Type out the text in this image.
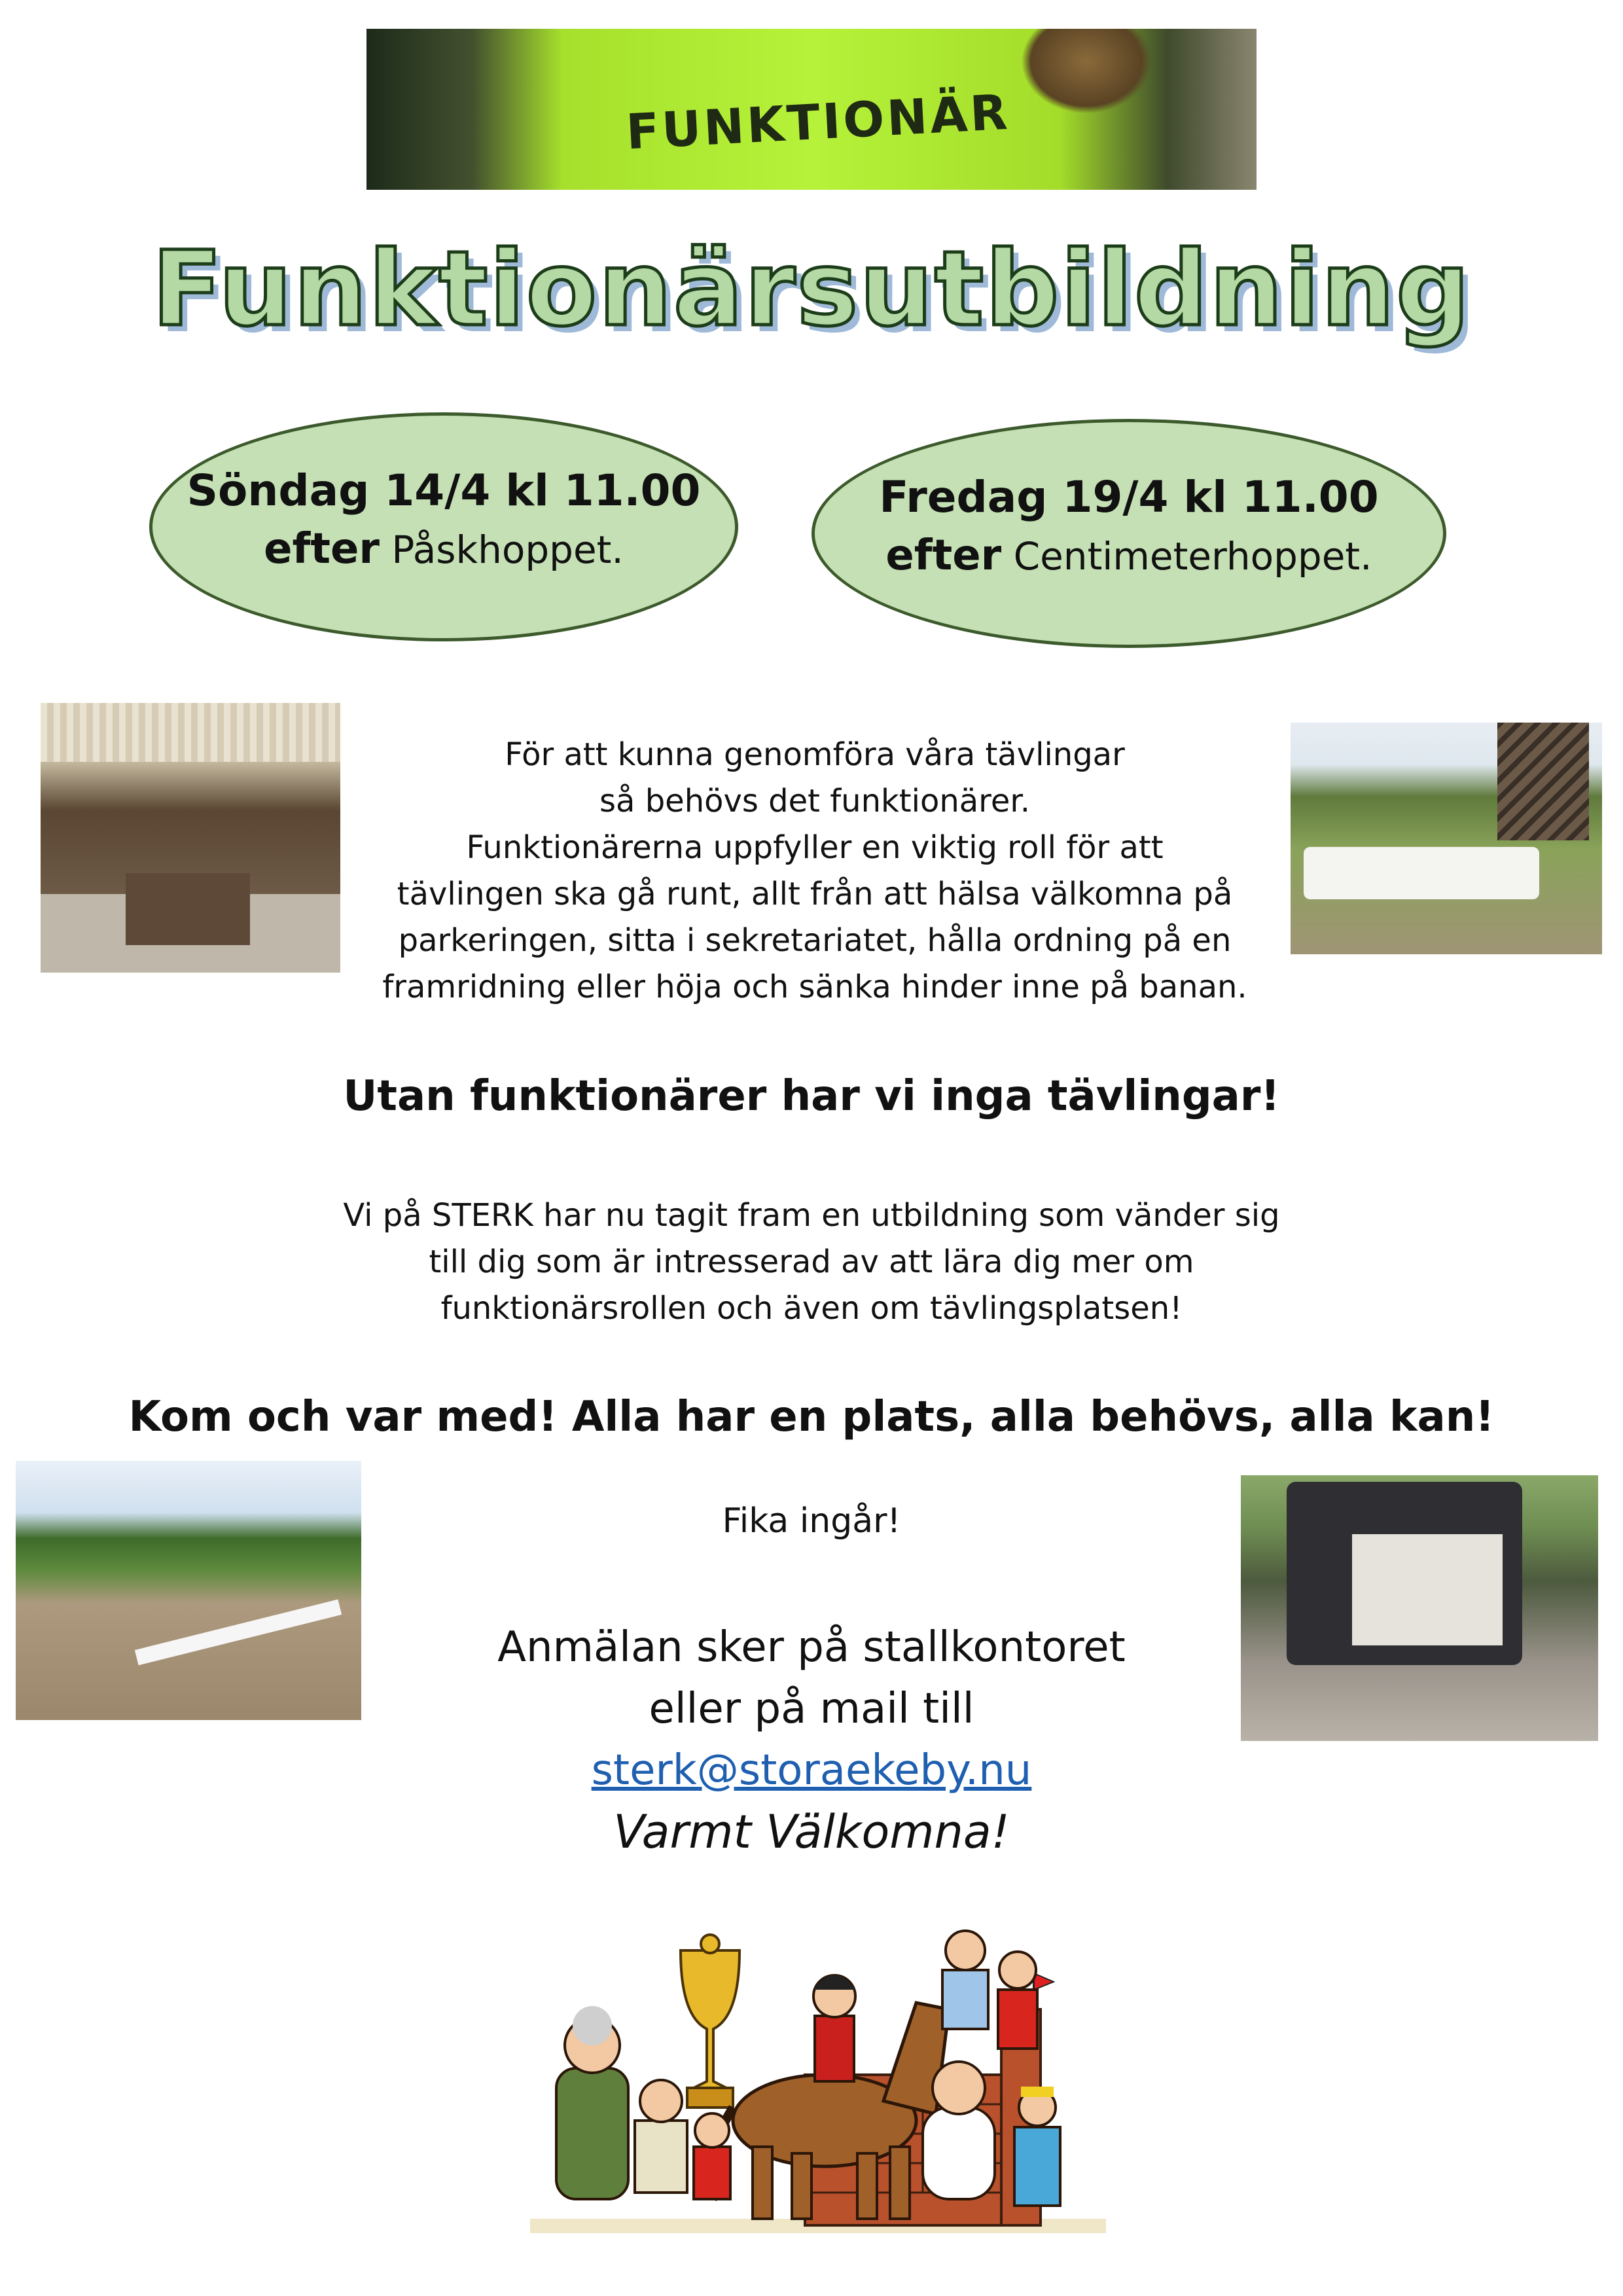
FUNKTIONÄR
Funktionärsutbildning
Söndag 14/4 kl 11.00
efter Påskhoppet.
Fredag 19/4 kl 11.00
efter Centimeterhoppet.
För att kunna genomföra våra tävlingar
så behövs det funktionärer.
Funktionärerna uppfyller en viktig roll för att
tävlingen ska gå runt, allt från att hälsa välkomna på
parkeringen, sitta i sekretariatet, hålla ordning på en
framridning eller höja och sänka hinder inne på banan.
Utan funktionärer har vi inga tävlingar!
Vi på STERK har nu tagit fram en utbildning som vänder sig
till dig som är intresserad av att lära dig mer om
funktionärsrollen och även om tävlingsplatsen!
Kom och var med! Alla har en plats, alla behövs, alla kan!
Fika ingår!
Anmälan sker på stallkontoret
eller på mail till
sterk@storaekeby.nu
Varmt Välkomna!
